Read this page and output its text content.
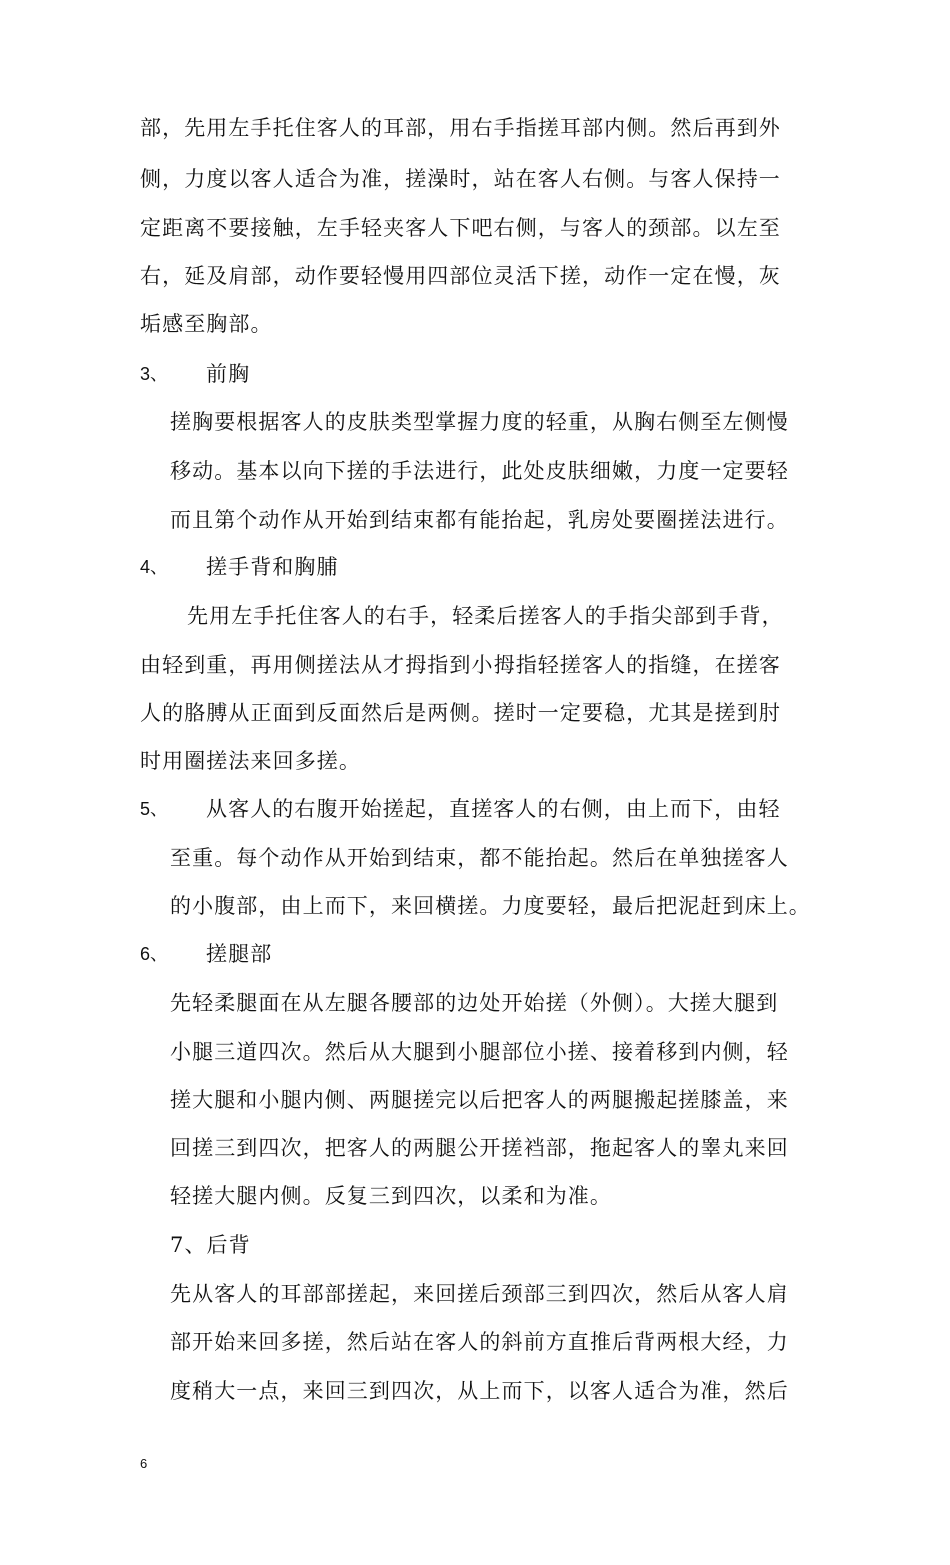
部，先用左手托住客人的耳部，用右手指搓耳部内侧。然后再到外
侧，力度以客人适合为准，搓澡时，站在客人右侧。与客人保持一
定距离不要接触，左手轻夹客人下吧右侧，与客人的颈部。以左至
右，延及肩部，动作要轻慢用四部位灵活下搓，动作一定在慢，灰
垢感至胸部。
3、 前胸
搓胸要根据客人的皮肤类型掌握力度的轻重，从胸右侧至左侧慢
移动。基本以向下搓的手法进行，此处皮肤细嫩，力度一定要轻
而且第个动作从开始到结束都有能抬起，乳房处要圈搓法进行。
4、 搓手背和胸脯
先用左手托住客人的右手，轻柔后搓客人的手指尖部到手背，
由轻到重，再用侧搓法从才拇指到小拇指轻搓客人的指缝，在搓客
人的胳膊从正面到反面然后是两侧。搓时一定要稳，尤其是搓到肘
时用圈搓法来回多搓。
5、 从客人的右腹开始搓起，直搓客人的右侧，由上而下，由轻
至重。每个动作从开始到结束，都不能抬起。然后在单独搓客人
的小腹部，由上而下，来回横搓。力度要轻，最后把泥赶到床上。
6、 搓腿部
先轻柔腿面在从左腿各腰部的边处开始搓（外侧）。大搓大腿到
小腿三道四次。然后从大腿到小腿部位小搓、接着移到内侧，轻
搓大腿和小腿内侧、两腿搓完以后把客人的两腿搬起搓膝盖，来
回搓三到四次，把客人的两腿公开搓裆部，拖起客人的睾丸来回
轻搓大腿内侧。反复三到四次，以柔和为准。
7、后背
先从客人的耳部部搓起，来回搓后颈部三到四次，然后从客人肩
部开始来回多搓，然后站在客人的斜前方直推后背两根大经，力
度稍大一点，来回三到四次，从上而下，以客人适合为准，然后
6
